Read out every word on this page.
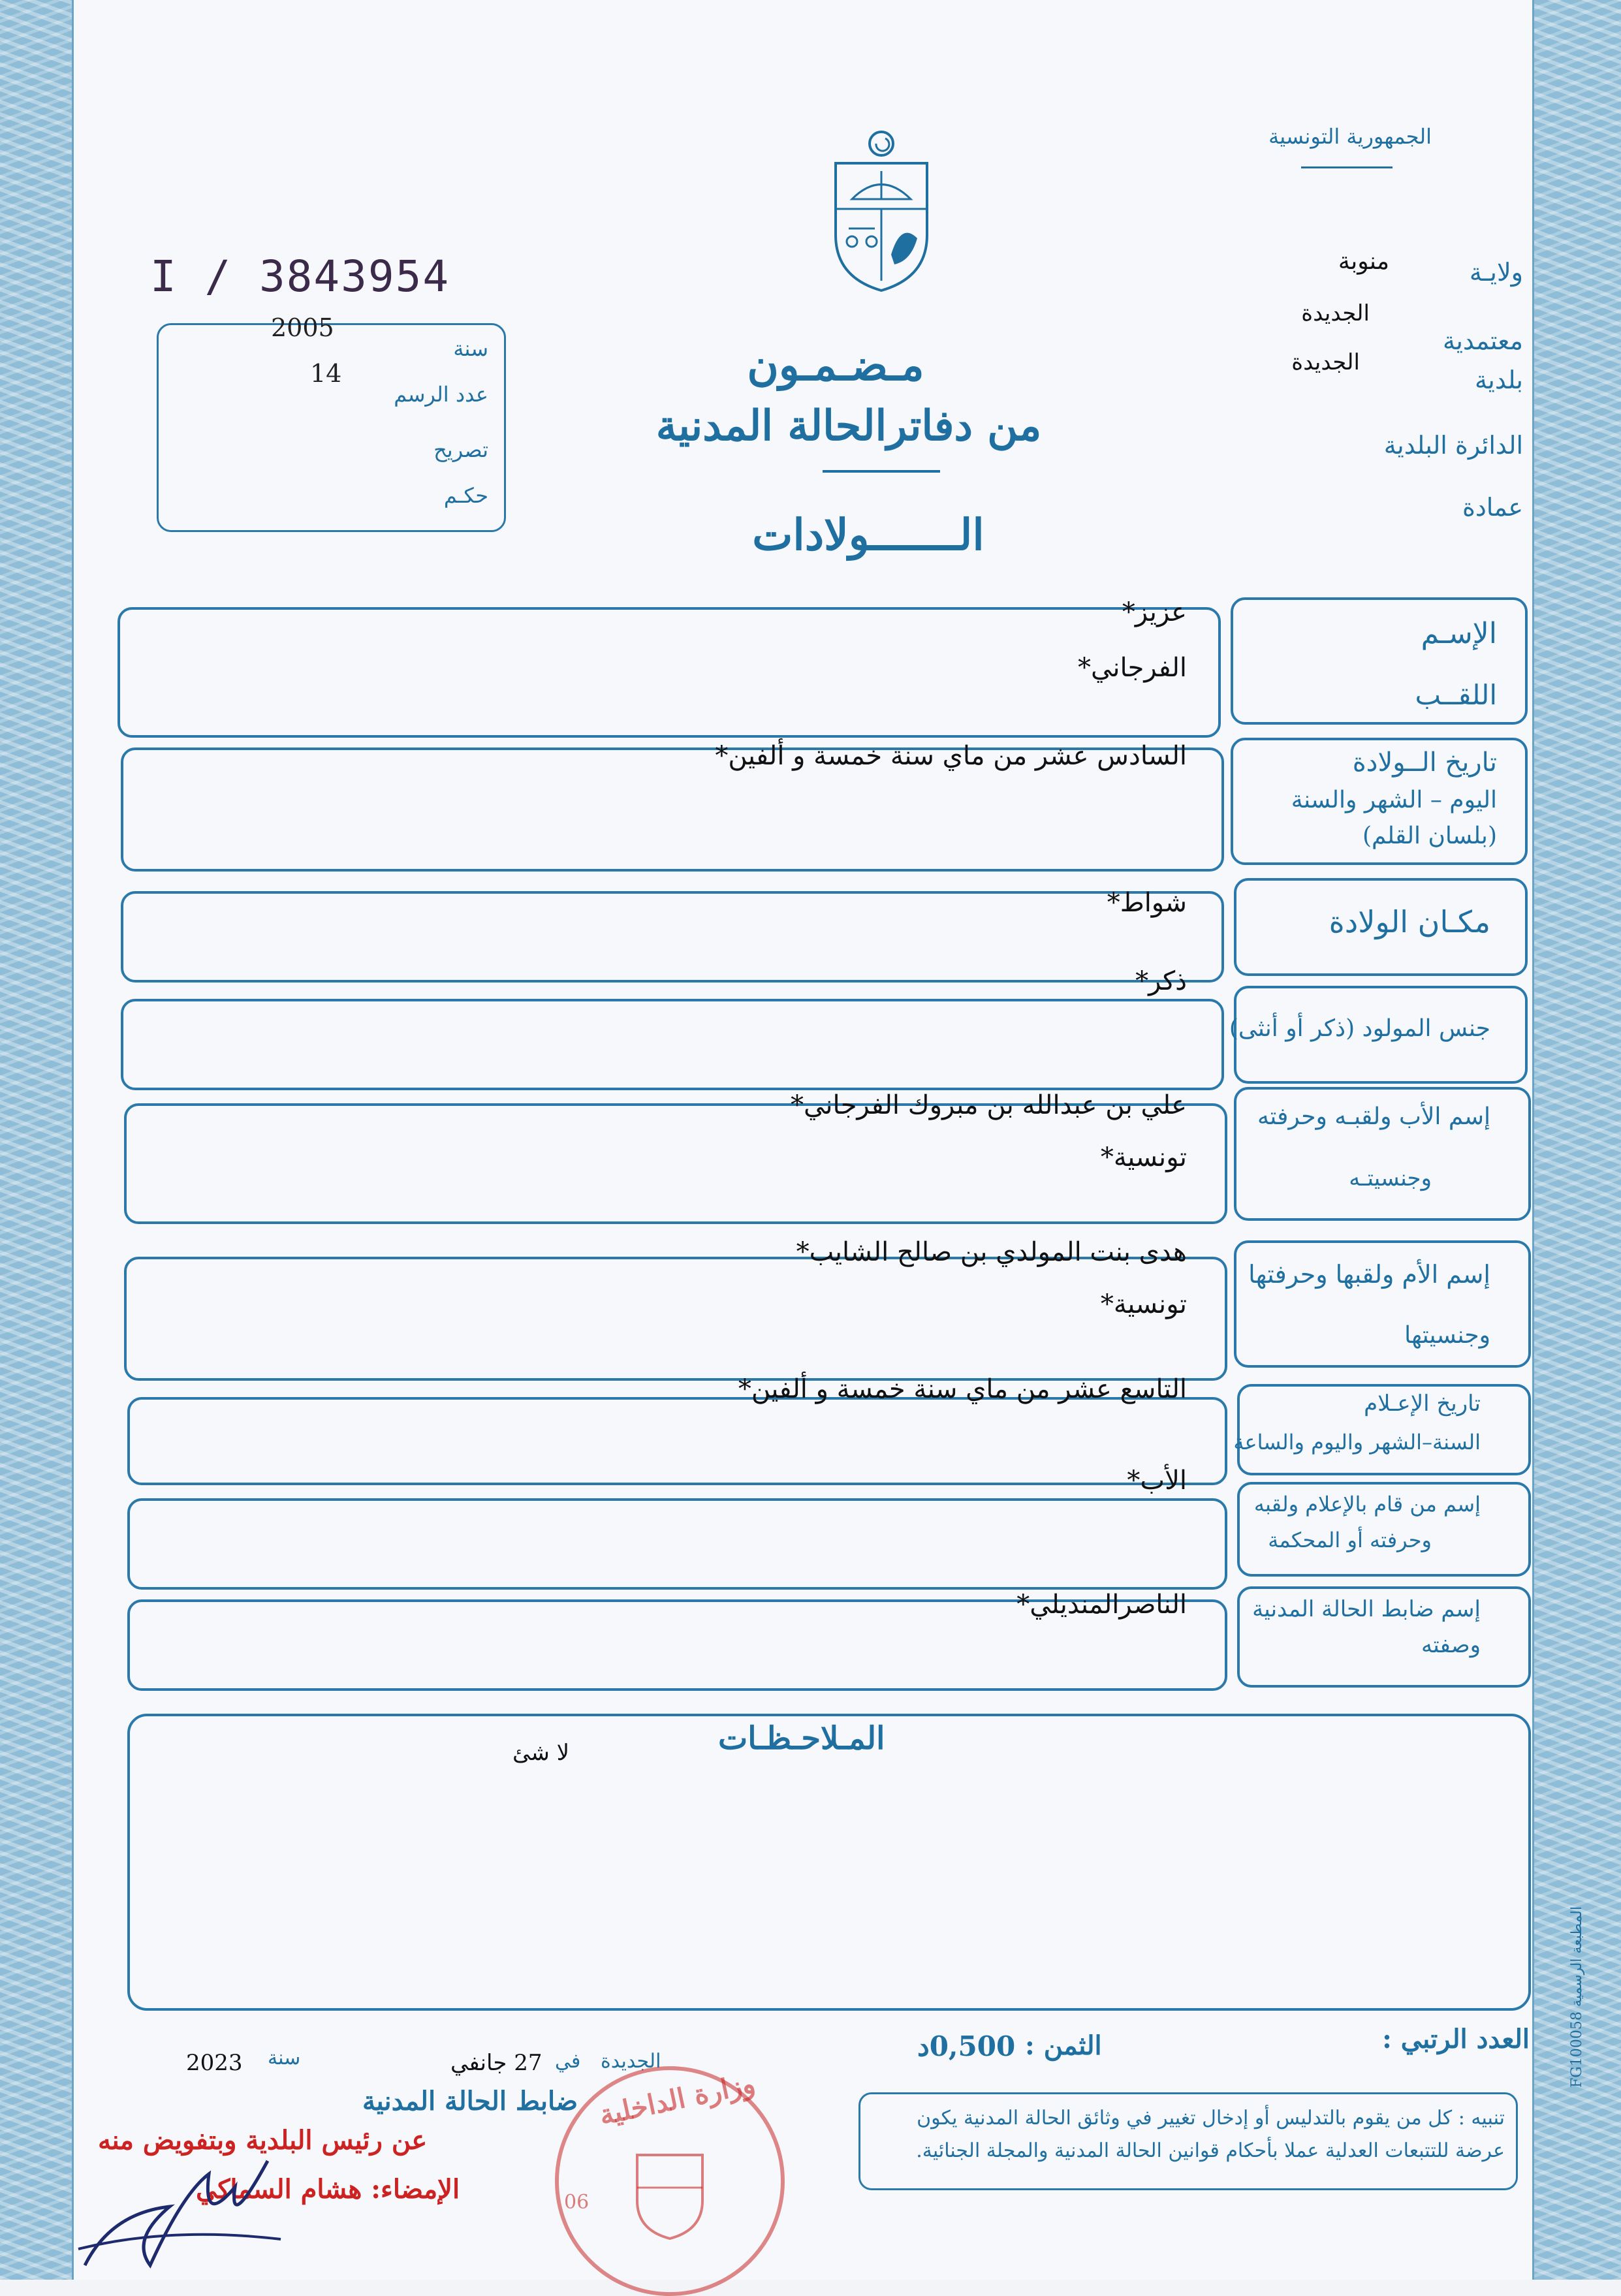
الجمهورية التونسية
I / 3843954
2005
سنة
14
عدد الرسم
تصريح
حكـم
ولايـة
منوبة
الجديدة
معتمدية
الجديدة
بلدية
الدائرة البلدية
عمادة
مـضـمـون
من دفاترالحالة المدنية
الـــــــولادات
الإسـم
اللقــب
عزيز*
الفرجاني*
تاريخ الــولادة
اليوم – الشهر والسنة
(بلسان القلم)
السادس عشر من ماي سنة خمسة و ألفين*
مكـان الولادة
شواط*
جنس المولود (ذكر أو أنثى)
ذكر*
إسم الأب ولقبـه وحرفته
وجنسيتـه
علي بن عبدالله بن مبروك الفرجاني*
تونسية*
إسم الأم ولقبها وحرفتها
وجنسيتها
هدى بنت المولدي بن صالح الشايب*
تونسية*
تاريخ الإعـلام
السنة–الشهر واليوم والساعة
التاسع عشر من ماي سنة خمسة و ألفين*
إسم من قام بالإعلام ولقبه
وحرفته أو المحكمة
الأب*
إسم ضابط الحالة المدنية
وصفته
الناصرالمنديلي*
المـلاحـظـات
لا شئ
المطبعة الرسمية FG100058
العدد الرتبي :
الثمن :
0,500د
الجديدة
في
27 جانفي
سنة
2023
ضابط الحالة المدنية
عن رئيس البلدية وبتفويض منه
الإمضاء: هشام السماكي
وزارة الداخلية
06
تنبيه : كل من يقوم بالتدليس أو إدخال تغيير في وثائق الحالة المدنية يكون عرضة للتتبعات العدلية عملا بأحكام قوانين الحالة المدنية والمجلة الجنائية.
